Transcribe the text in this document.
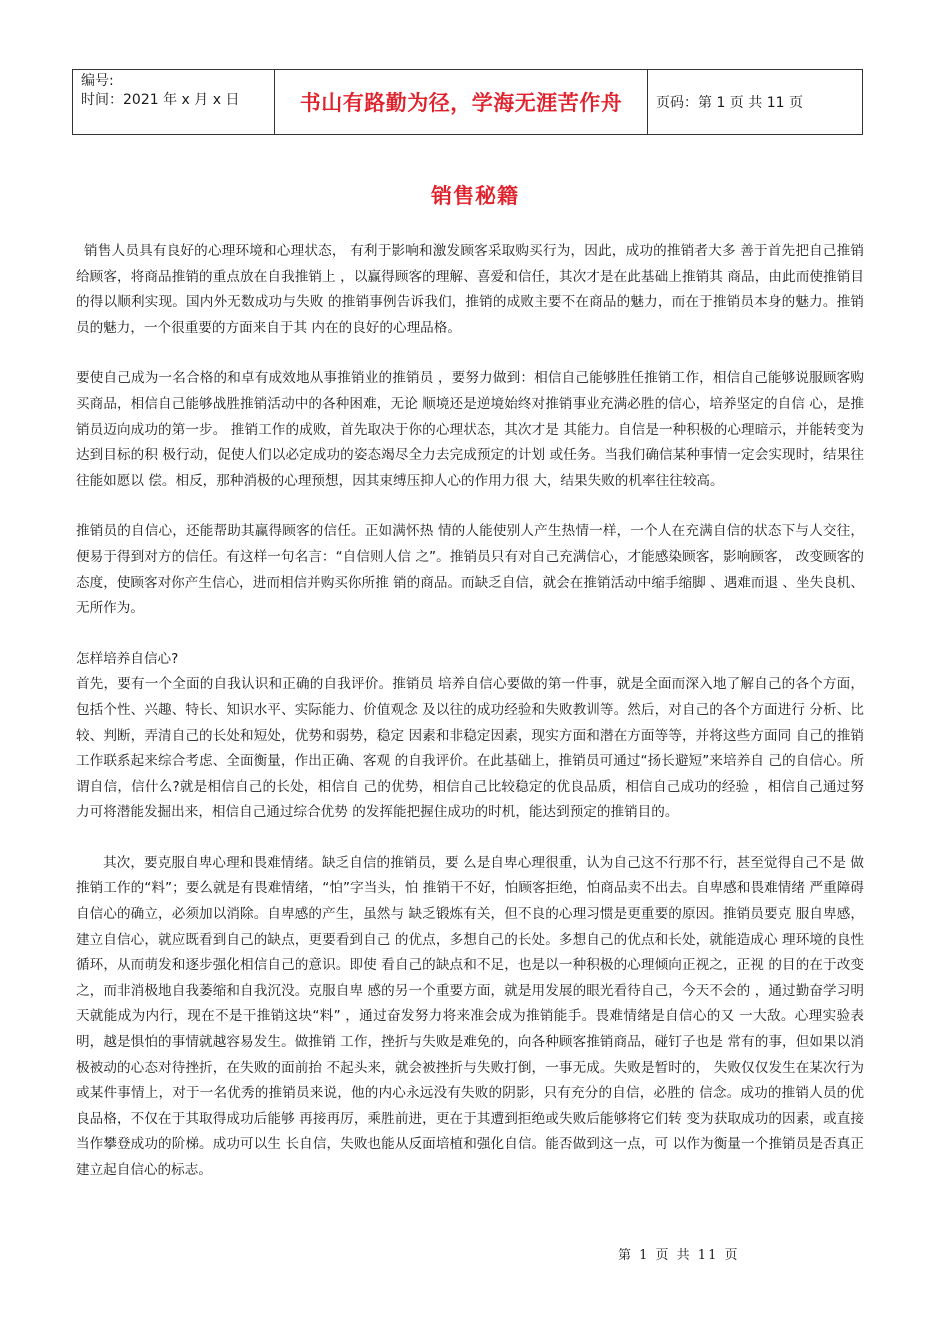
编号:
时间：2021 年 x 月 x 日	书山有路勤为径，学海无涯苦作舟	页码：第 1 页 共 11 页
销售秘籍

销售人员具有良好的心理环境和心理状态， 有利于影响和激发顾客采取购买行为，因此，成功的推销者大多 善于首先把自己推销给顾客，将商品推销的重点放在自我推销上 ，以赢得顾客的理解、喜爱和信任，其次才是在此基础上推销其 商品，由此而使推销目的得以顺利实现。国内外无数成功与失败 的推销事例告诉我们，推销的成败主要不在商品的魅力，而在于推销员本身的魅力。推销员的魅力，一个很重要的方面来自于其 内在的良好的心理品格。

要使自己成为一名合格的和卓有成效地从事推销业的推销员 ，要努力做到：相信自己能够胜任推销工作，相信自己能够说服顾客购买商品，相信自己能够战胜推销活动中的各种困难，无论 顺境还是逆境始终对推销事业充满必胜的信心，培养坚定的自信 心，是推销员迈向成功的第一步。 推销工作的成败，首先取决于你的心理状态，其次才是 其能力。自信是一种积极的心理暗示，并能转变为达到目标的积 极行动，促使人们以必定成功的姿态竭尽全力去完成预定的计划 或任务。当我们确信某种事情一定会实现时，结果往往能如愿以 偿。相反，那种消极的心理预想，因其束缚压抑人心的作用力很 大，结果失败的机率往往较高。

推销员的自信心，还能帮助其赢得顾客的信任。正如满怀热 情的人能使别人产生热情一样，一个人在充满自信的状态下与人交往，便易于得到对方的信任。有这样一句名言：“自信则人信 之”。推销员只有对自己充满信心，才能感染顾客，影响顾客， 改变顾客的态度，使顾客对你产生信心，进而相信并购买你所推 销的商品。而缺乏自信，就会在推销活动中缩手缩脚 、遇难而退 、坐失良机、无所作为。

怎样培养自信心?

首先，要有一个全面的自我认识和正确的自我评价。推销员 培养自信心要做的第一件事，就是全面而深入地了解自己的各个方面，包括个性、兴趣、特长、知识水平、实际能力、价值观念 及以往的成功经验和失败教训等。然后，对自己的各个方面进行 分析、比较、判断，弄清自己的长处和短处，优势和弱势，稳定 因素和非稳定因素，现实方面和潜在方面等等，并将这些方面同 自己的推销工作联系起来综合考虑、全面衡量，作出正确、客观 的自我评价。在此基础上，推销员可通过“扬长避短”来培养自 己的自信心。所谓自信，信什么?就是相信自己的长处，相信自 己的优势，相信自己比较稳定的优良品质，相信自己成功的经验 ，相信自己通过努力可将潜能发掘出来，相信自己通过综合优势 的发挥能把握住成功的时机，能达到预定的推销目的。

其次，要克服自卑心理和畏难情绪。缺乏自信的推销员，要 么是自卑心理很重，认为自己这不行那不行，甚至觉得自己不是 做推销工作的“料”；要么就是有畏难情绪，“怕”字当头，怕 推销干不好，怕顾客拒绝，怕商品卖不出去。自卑感和畏难情绪 严重障碍自信心的确立，必须加以消除。自卑感的产生，虽然与 缺乏锻炼有关，但不良的心理习惯是更重要的原因。推销员要克 服自卑感，建立自信心，就应既看到自己的缺点，更要看到自己 的优点，多想自己的长处。多想自己的优点和长处，就能造成心 理环境的良性循环，从而萌发和逐步强化相信自己的意识。即使 看自己的缺点和不足，也是以一种积极的心理倾向正视之，正视 的目的在于改变之，而非消极地自我萎缩和自我沉没。克服自卑 感的另一个重要方面，就是用发展的眼光看待自己，今天不会的 ，通过勤奋学习明天就能成为内行，现在不是干推销这块“料” ，通过奋发努力将来准会成为推销能手。畏难情绪是自信心的又 一大敌。心理实验表明，越是惧怕的事情就越容易发生。做推销 工作，挫折与失败是难免的，向各种顾客推销商品，碰钉子也是 常有的事，但如果以消极被动的心态对待挫折，在失败的面前抬 不起头来，就会被挫折与失败打倒，一事无成。失败是暂时的， 失败仅仅发生在某次行为或某件事情上，对于一名优秀的推销员来说，他的内心永远没有失败的阴影，只有充分的自信，必胜的 信念。成功的推销人员的优良品格，不仅在于其取得成功后能够 再接再厉，乘胜前进，更在于其遭到拒绝或失败后能够将它们转 变为获取成功的因素，或直接当作攀登成功的阶梯。成功可以生 长自信，失败也能从反面培植和强化自信。能否做到这一点，可 以作为衡量一个推销员是否真正建立起自信心的标志。

第 1 页 共 11 页
